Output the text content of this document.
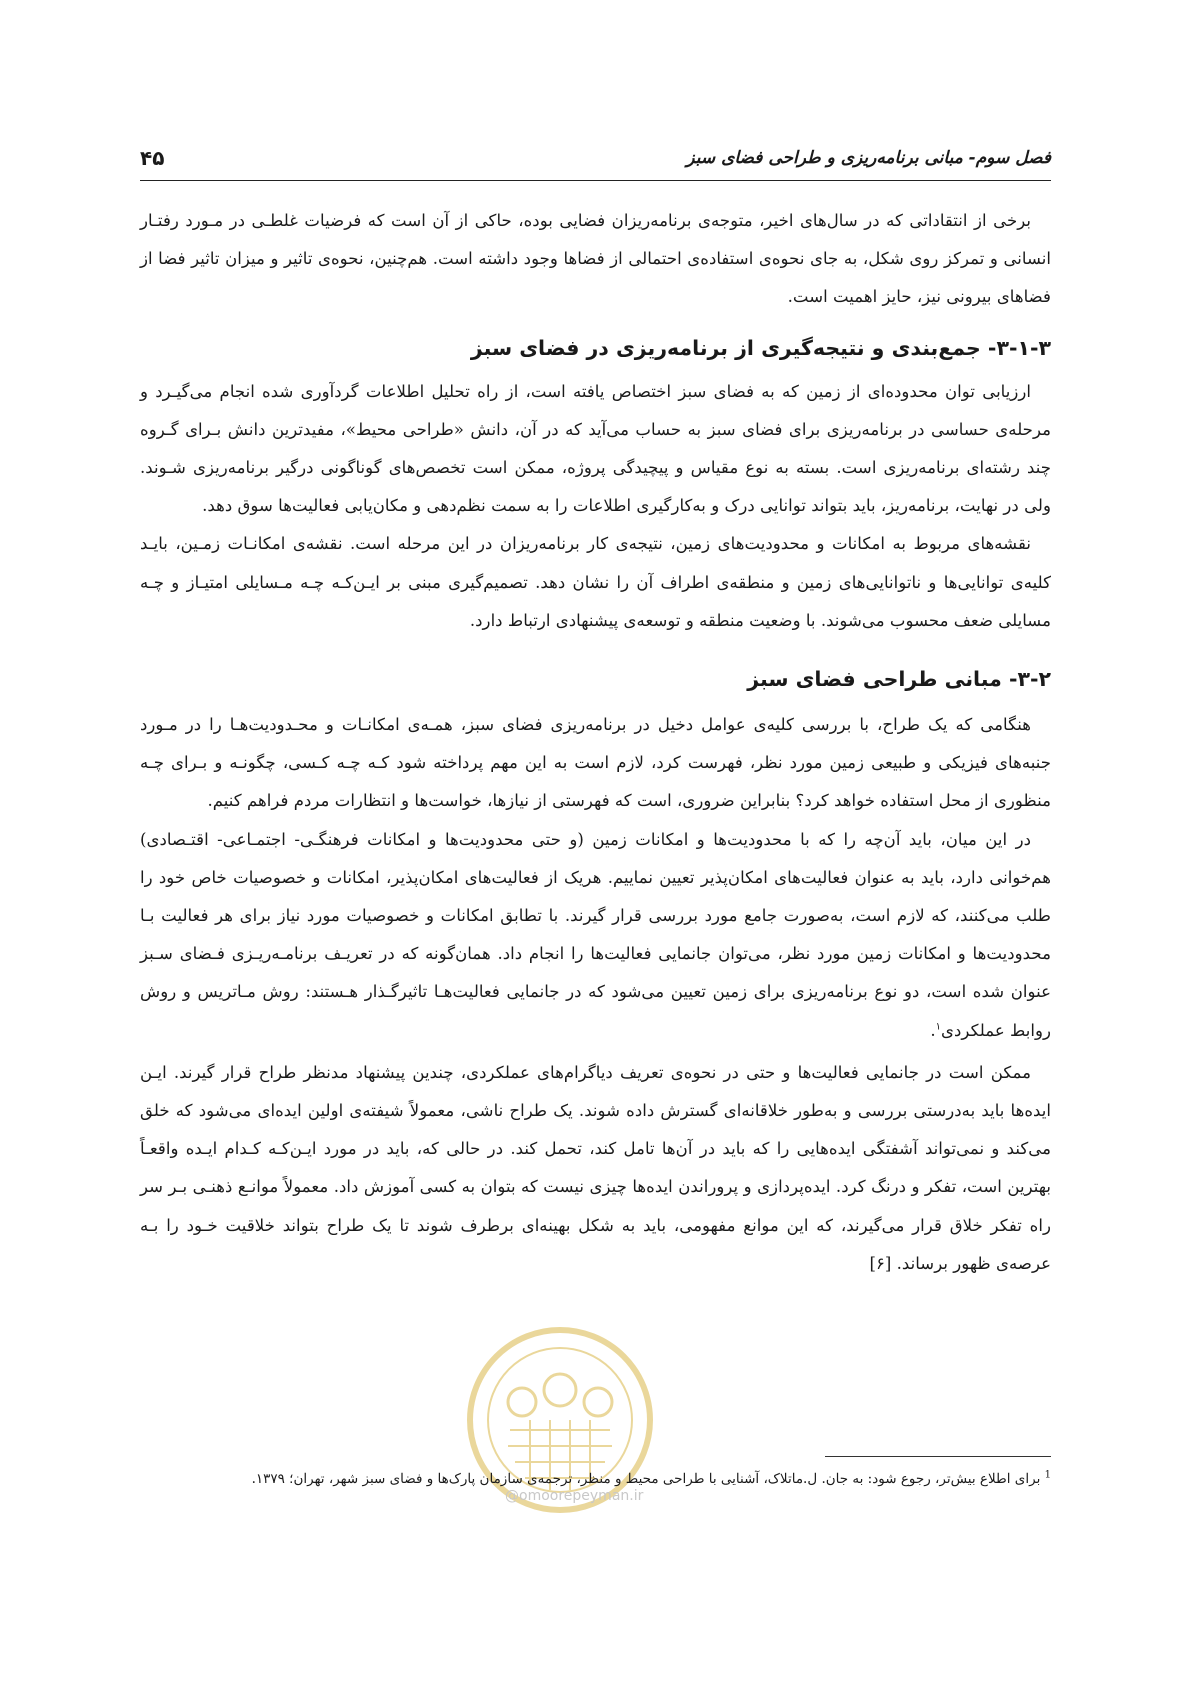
فصل سوم- مبانی برنامه‌ریزی و طراحی فضای سبز
۴۵

برخی از انتقاداتی که در سال‌های اخیر، متوجه‌ی برنامه‌ریزان فضایی بوده، حاکی از آن است که فرضیات غلطـی در مـورد رفتـار انسانی و تمرکز روی شکل، به جای نحوه‌ی استفاده‌ی احتمالی از فضاها وجود داشته است. هم‌چنین، نحوه‌ی تاثیر و میزان تاثیر فضا از فضاهای بیرونی نیز، حایز اهمیت است.

۳-۱-۳- جمع‌بندی و نتیجه‌گیری از برنامه‌ریزی در فضای سبز

ارزیابی توان محدوده‌ای از زمین که به فضای سبز اختصاص یافته است، از راه تحلیل اطلاعات گردآوری شده انجام می‌گیـرد و مرحله‌ی حساسی در برنامه‌ریزی برای فضای سبز به حساب می‌آید که در آن، دانش «طراحی محیط»، مفیدترین دانش بـرای گـروه چند رشته‌ای برنامه‌ریزی است. بسته به نوع مقیاس و پیچیدگی پروژه، ممکن است تخصص‌های گوناگونی درگیر برنامه‌ریزی شـوند. ولی در نهایت، برنامه‌ریز، باید بتواند توانایی درک و به‌کارگیری اطلاعات را به سمت نظم‌دهی و مکان‌یابی فعالیت‌ها سوق دهد.

نقشه‌های مربوط به امکانات و محدودیت‌های زمین، نتیجه‌ی کار برنامه‌ریزان در این مرحله است. نقشه‌ی امکانـات زمـین، بایـد کلیه‌ی توانایی‌ها و ناتوانایی‌های زمین و منطقه‌ی اطراف آن را نشان دهد. تصمیم‌گیری مبنی بر ایـن‌کـه چـه مـسایلی امتیـاز و چـه مسایلی ضعف محسوب می‌شوند. با وضعیت منطقه و توسعه‌ی پیشنهادی ارتباط دارد.

۳-۲- مبانی طراحی فضای سبز

هنگامی که یک طراح، با بررسی کلیه‌ی عوامل دخیل در برنامه‌ریزی فضای سبز، همـه‌ی امکانـات و محـدودیت‌هـا را در مـورد جنبه‌های فیزیکی و طبیعی زمین مورد نظر، فهرست کرد، لازم است به این مهم پرداخته شود کـه چـه کـسی، چگونـه و بـرای چـه منظوری از محل استفاده خواهد کرد؟ بنابراین ضروری، است که فهرستی از نیازها، خواست‌ها و انتظارات مردم فراهم کنیم.

در این میان، باید آن‌چه را که با محدودیت‌ها و امکانات زمین (و حتی محدودیت‌ها و امکانات فرهنگـی- اجتمـاعی- اقتـصادی) هم‌خوانی دارد، باید به عنوان فعالیت‌های امکان‌پذیر تعیین نماییم. هریک از فعالیت‌های امکان‌پذیر، امکانات و خصوصیات خاص خود را طلب می‌کنند، که لازم است، به‌صورت جامع مورد بررسی قرار گیرند. با تطابق امکانات و خصوصیات مورد نیاز برای هر فعالیت بـا محدودیت‌ها و امکانات زمین مورد نظر، می‌توان جانمایی فعالیت‌ها را انجام داد. همان‌گونه که در تعریـف برنامـه‌ریـزی فـضای سـبز عنوان شده است، دو نوع برنامه‌ریزی برای زمین تعیین می‌شود که در جانمایی فعالیت‌هـا تاثیرگـذار هـستند: روش مـاتریس و روش روابط عملکردی$^۱$.

ممکن است در جانمایی فعالیت‌ها و حتی در نحوه‌ی تعریف دیاگرام‌های عملکردی، چندین پیشنهاد مدنظر طراح قرار گیرند. ایـن ایده‌ها باید به‌درستی بررسی و به‌طور خلاقانه‌ای گسترش داده شوند. یک طراح ناشی، معمولاً شیفته‌ی اولین ایده‌ای می‌شود که خلق می‌کند و نمی‌تواند آشفتگی ایده‌هایی را که باید در آن‌ها تامل کند، تحمل کند. در حالی که، باید در مورد ایـن‌کـه کـدام ایـده واقعـاً بهترین است، تفکر و درنگ کرد. ایده‌پردازی و پروراندن ایده‌ها چیزی نیست که بتوان به کسی آموزش داد. معمولاً موانـع ذهنـی بـر سر راه تفکر خلاق قرار می‌گیرند، که این موانع مفهومی، باید به شکل بهینه‌ای برطرف شوند تا یک طراح بتواند خلاقیت خـود را بـه عرصه‌ی ظهور برساند. [۶]

$^1$ برای اطلاع بیش‌تر، رجوع شود: به جان. ل.ماتلاک، آشنایی با طراحی محیط و منظر، ترجمه‌ی سازمان پارک‌ها و فضای سبز شهر، تهران؛ ۱۳۷۹.
@omoorepeyman.ir
